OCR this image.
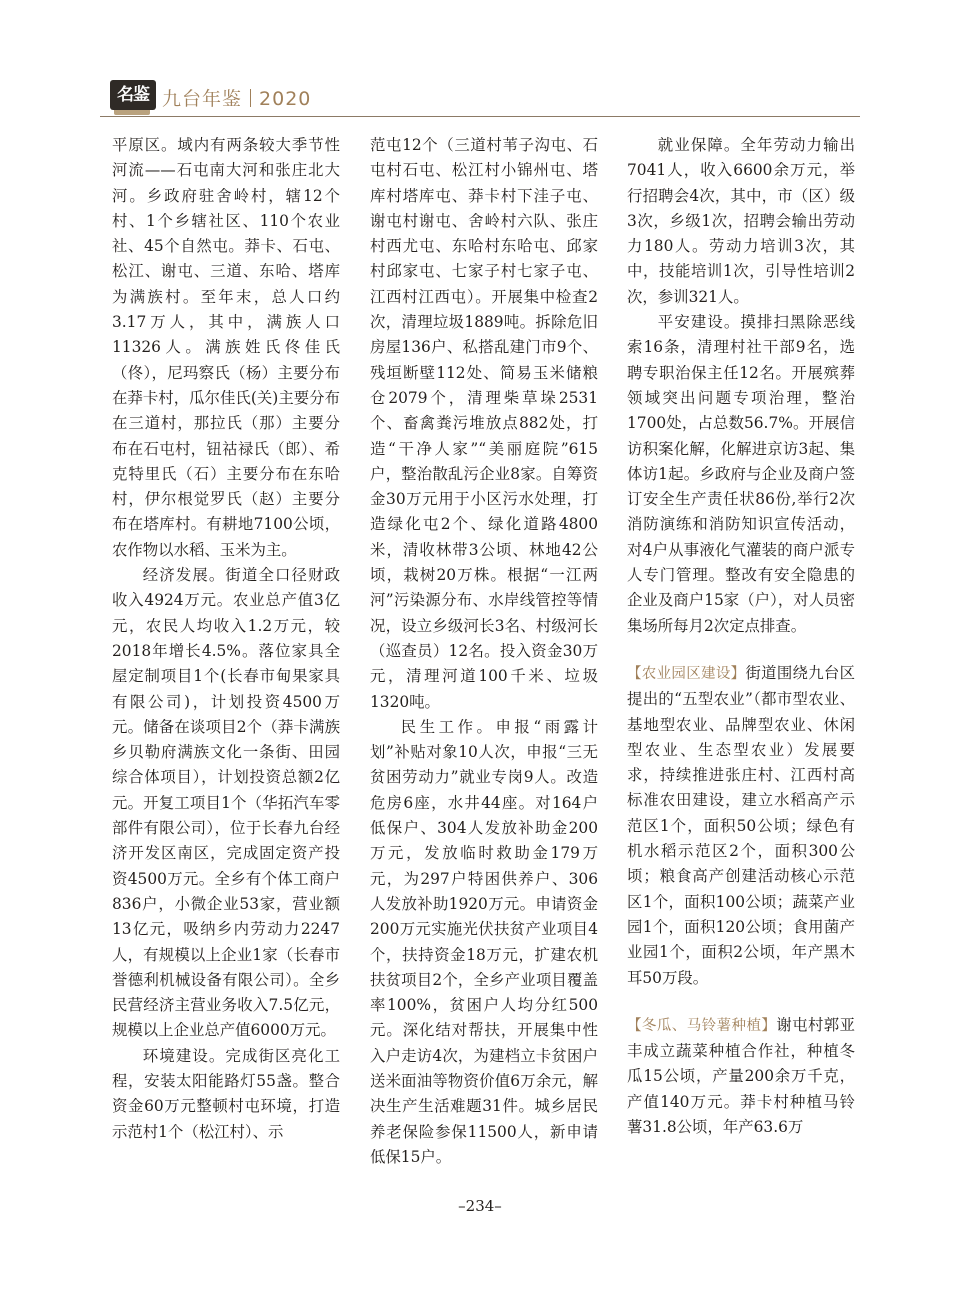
名鉴 九台年鉴 2020

平原区。域内有两条较大季节性河流——石屯南大河和张庄北大河。乡政府驻舍岭村，辖12个村、1个乡辖社区、110个农业社、45个自然屯。莽卡、石屯、松江、谢屯、三道、东哈、塔库为满族村。至年末，总人口约3.17万人，其中，满族人口11326人。满族姓氏佟佳氏（佟），尼玛察氏（杨）主要分布在莽卡村，瓜尔佳氏(关)主要分布在三道村，那拉氏（那）主要分布在石屯村，钮祜禄氏（郎）、希克特里氏（石）主要分布在东哈村，伊尔根觉罗氏（赵）主要分布在塔库村。有耕地7100公顷，农作物以水稻、玉米为主。

经济发展。街道全口径财政收入4924万元。农业总产值3亿元，农民人均收入1.2万元，较2018年增长4.5%。落位家具全屋定制项目1个(长春市甸果家具有限公司)，计划投资4500万元。储备在谈项目2个（莽卡满族乡贝勒府满族文化一条街、田园综合体项目），计划投资总额2亿元。开复工项目1个（华拓汽车零部件有限公司），位于长春九台经济开发区南区，完成固定资产投资4500万元。全乡有个体工商户836户，小微企业53家，营业额13亿元，吸纳乡内劳动力2247人，有规模以上企业1家（长春市誉德利机械设备有限公司）。全乡民营经济主营业务收入7.5亿元，规模以上企业总产值6000万元。

环境建设。完成街区亮化工程，安装太阳能路灯55盏。整合资金60万元整顿村屯环境，打造示范村1个（松江村）、示

范屯12个（三道村苇子沟屯、石屯村石屯、松江村小锦州屯、塔库村塔库屯、莽卡村下洼子屯、谢屯村谢屯、舍岭村六队、张庄村西尤屯、东哈村东哈屯、邱家村邱家屯、七家子村七家子屯、江西村江西屯）。开展集中检查2次，清理垃圾1889吨。拆除危旧房屋136户、私搭乱建门市9个、残垣断壁112处、简易玉米储粮仓2079个，清理柴草垛2531个、畜禽粪污堆放点882处，打造“干净人家”“美丽庭院”615户，整治散乱污企业8家。自筹资金30万元用于小区污水处理，打造绿化屯2个、绿化道路4800米，清收林带3公顷、林地42公顷，栽树20万株。根据“一江两河”污染源分布、水岸线管控等情况，设立乡级河长3名、村级河长（巡查员）12名。投入资金30万元，清理河道100千米、垃圾1320吨。

民生工作。申报“雨露计划”补贴对象10人次，申报“三无贫困劳动力”就业专岗9人。改造危房6座，水井44座。对164户低保户、304人发放补助金200万元，发放临时救助金179万元，为297户特困供养户、306人发放补助1920万元。申请资金200万元实施光伏扶贫产业项目4个，扶持资金18万元，扩建农机扶贫项目2个，全乡产业项目覆盖率100%，贫困户人均分红500元。深化结对帮扶，开展集中性入户走访4次，为建档立卡贫困户送米面油等物资价值6万余元，解决生产生活难题31件。城乡居民养老保险参保11500人，新申请低保15户。

就业保障。全年劳动力输出7041人，收入6600余万元，举行招聘会4次，其中，市（区）级3次，乡级1次，招聘会输出劳动力180人。劳动力培训3次，其中，技能培训1次，引导性培训2次，参训321人。

平安建设。摸排扫黑除恶线索16条，清理村社干部9名，选聘专职治保主任12名。开展殡葬领域突出问题专项治理，整治1700处，占总数56.7%。开展信访积案化解，化解进京访3起、集体访1起。乡政府与企业及商户签订安全生产责任状86份,举行2次消防演练和消防知识宣传活动，对4户从事液化气灌装的商户派专人专门管理。整改有安全隐患的企业及商户15家（户），对人员密集场所每月2次定点排查。

【农业园区建设】街道围绕九台区提出的“五型农业”（都市型农业、基地型农业、品牌型农业、休闲型农业、生态型农业）发展要求，持续推进张庄村、江西村高标准农田建设，建立水稻高产示范区1个，面积50公顷；绿色有机水稻示范区2个，面积300公顷；粮食高产创建活动核心示范区1个，面积100公顷；蔬菜产业园1个，面积120公顷；食用菌产业园1个，面积2公顷，年产黑木耳50万段。

【冬瓜、马铃薯种植】谢屯村郭亚丰成立蔬菜种植合作社，种植冬瓜15公顷，产量200余万千克，产值140万元。莽卡村种植马铃薯31.8公顷，年产63.6万

–234–
